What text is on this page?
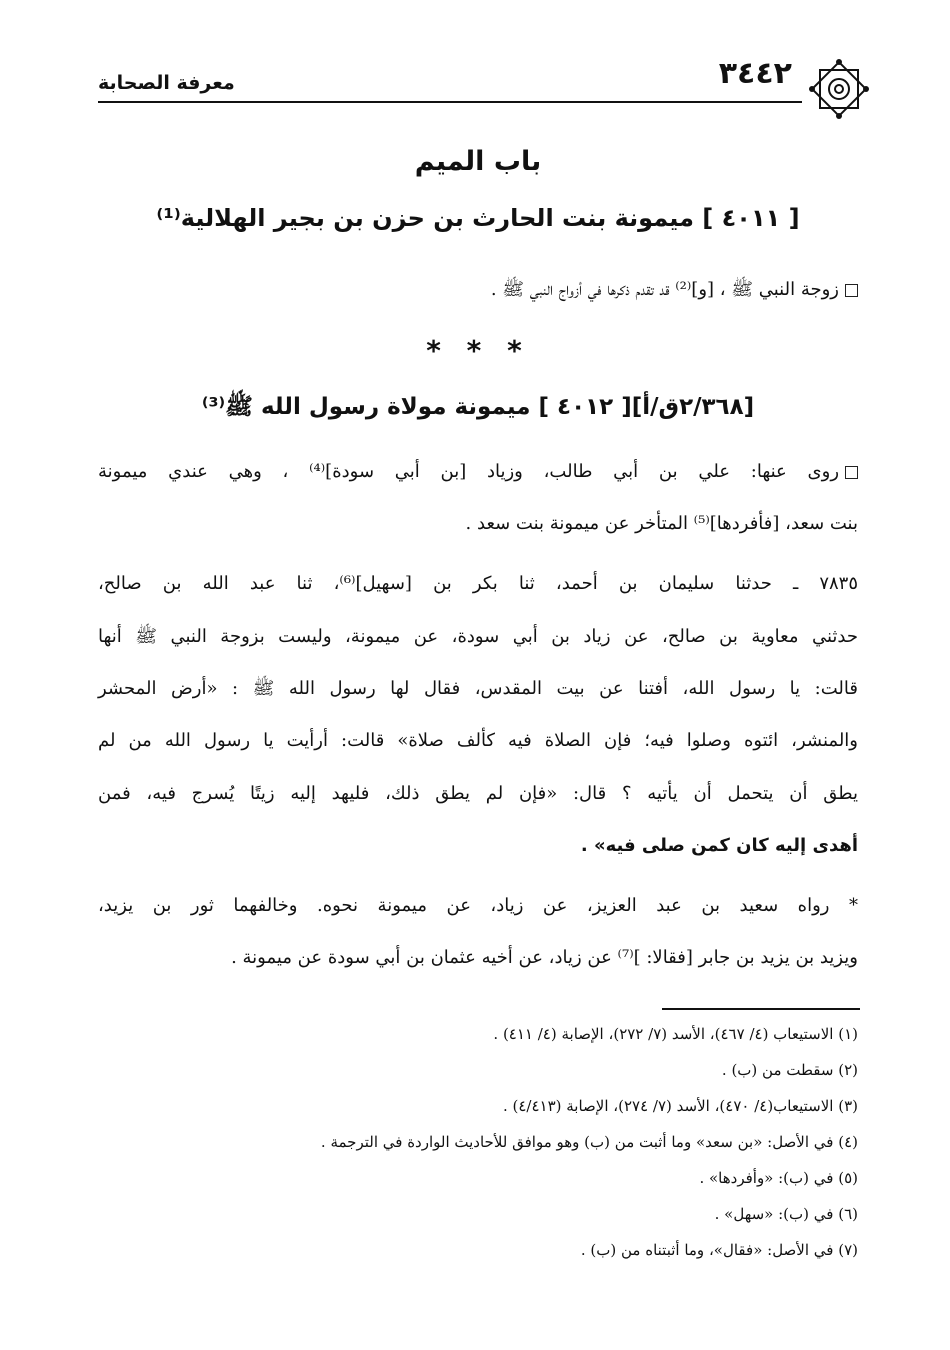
٣٤٤٢
معرفة الصحابة
باب الميم
[ ٤٠١١ ] ميمونة بنت الحارث بن حزن بن بجير الهلالية⁽¹⁾
زوجة النبي ﷺ ، [و]⁽²⁾ قد تقدم ذكرها في أزواج النبي ﷺ .
* * *
[٢/٣٦٨ق/أ][ ٤٠١٢ ] ميمونة مولاة رسول الله ﷺ⁽³⁾
روى عنها: علي بن أبي طالب، وزياد [بن أبي سودة]⁽⁴⁾ ، وهي عندي ميمونة
بنت سعد، [فأفردها]⁽⁵⁾ المتأخر عن ميمونة بنت سعد .
٧٨٣٥ ـ حدثنا سليمان بن أحمد، ثنا بكر بن [سهيل]⁽⁶⁾، ثنا عبد الله بن صالح،
حدثني معاوية بن صالح، عن زياد بن أبي سودة، عن ميمونة، وليست بزوجة النبي ﷺ أنها
قالت: يا رسول الله، أفتنا عن بيت المقدس، فقال لها رسول الله ﷺ : «أرض المحشر
والمنشر، ائتوه وصلوا فيه؛ فإن الصلاة فيه كألف صلاة» قالت: أرأيت يا رسول الله من لم
يطق أن يتحمل أن يأتيه ؟ قال: «فإن لم يطق ذلك، فليهد إليه زيتًا يُسرج فيه، فمن
أهدى إليه كان كمن صلى فيه» .
* رواه سعيد بن عبد العزيز، عن زياد، عن ميمونة نحوه. وخالفهما ثور بن يزيد،
ويزيد بن يزيد بن جابر [فقالا: ]⁽⁷⁾ عن زياد، عن أخيه عثمان بن أبي سودة عن ميمونة .
(١) الاستيعاب (٤/ ٤٦٧)، الأسد (٧/ ٢٧٢)، الإصابة (٤/ ٤١١) .
(٢) سقطت من (ب) .
(٣) الاستيعاب(٤/ ٤٧٠)، الأسد (٧/ ٢٧٤)، الإصابة (٤/٤١٣) .
(٤) في الأصل: «بن سعد» وما أثبت من (ب) وهو موافق للأحاديث الواردة في الترجمة .
(٥) في (ب): «وأفردها» .
(٦) في (ب): «سهل» .
(٧) في الأصل: «فقال»، وما أثبتناه من (ب) .
